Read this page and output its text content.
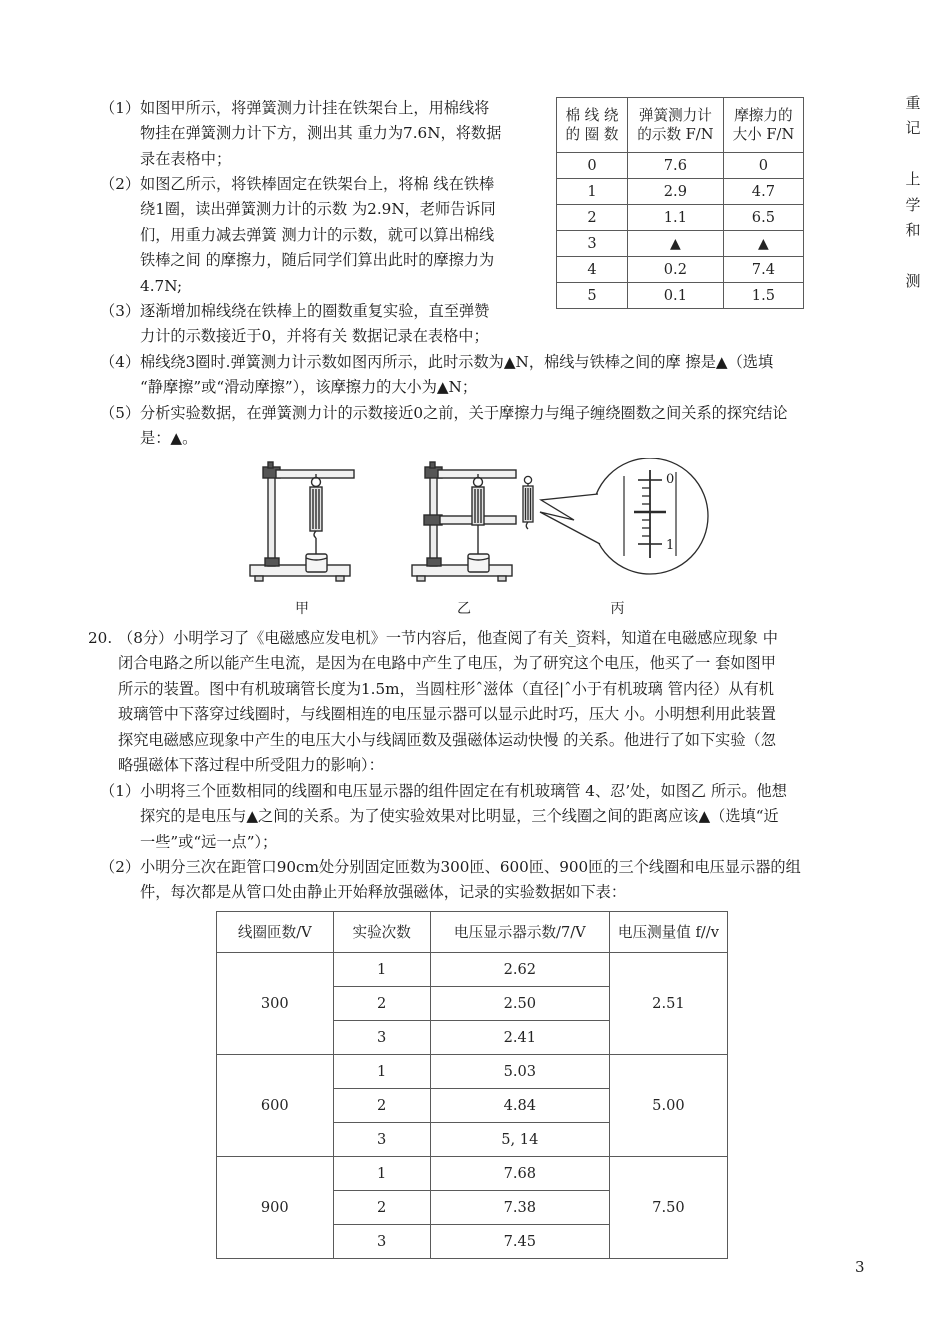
（1） 如图甲所示，将弹簧测力计挂在铁架台上，用棉线将

物挂在弹簧测力计下方，测出其 重力为7.6N，将数据

录在表格中；

（2） 如图乙所示，将铁棒固定在铁架台上，将棉 线在铁棒

绕1圈，读出弹簧测力计的示数 为2.9N，老师告诉同

们，用重力减去弹簧 测力计的示数，就可以算出棉线

铁棒之间 的摩擦力，随后同学们算出此时的摩擦力为

4.7N;

（3） 逐渐增加棉线绕在铁棒上的圈数重复实验，直至弹赞

力计的示数接近于0，并将有关 数据记录在表格中；

（4） 棉线绕3圈时.弹簧测力计示数如图丙所示，此时示数为▲N，棉线与铁棒之间的摩 擦是▲（选填

“静摩擦”或“滑动摩擦”），该摩擦力的大小为▲N；

（5） 分析实验数据，在弹簧测力计的示数接近0之前，关于摩擦力与绳子缠绕圈数之间关系的探究结论

是：▲。

棉 线 绕
的 圈 数	弹簧测力计
的示数 F/N	摩擦力的
大小 F/N
0	7.6	0
1	2.9	4.7
2	1.1	6.5
3	▲	▲
4	0.2	7.4
5	0.1	1.5
重
记
上
学
和
测
甲	乙
0
1
丙
20. （8分）小明学习了《电磁感应发电机》一节内容后，他查阅了有关_资料，知道在电磁感应现象 中

闭合电路之所以能产生电流，是因为在电路中产生了电压，为了研究这个电压，他买了一 套如图甲

所示的装置。图中有机玻璃管长度为1.5m，当圆柱形ˆ滋体（直径|ˆ小于有机玻璃 管内径）从有机

玻璃管中下落穿过线圈时，与线圈相连的电压显示器可以显示此时巧，压大 小。小明想利用此装置

探究电磁感应现象中产生的电压大小与线阔匝数及强磁体运动快慢 的关系。他进行了如下实验（忽

略强磁体下落过程中所受阻力的影响）：

（1） 小明将三个匝数相同的线圈和电压显示器的组件固定在有机玻璃管 4、忍’处，如图乙 所示。他想

探究的是电压与▲之间的关系。为了使实验效果对比明显，三个线圈之间的距离应该▲（选填“近

一些”或“远一点”）；

（2） 小明分三次在距管口90cm处分别固定匝数为300匝、600匝、900匝的三个线圈和电压显示器的组

件，每次都是从管口处由静止开始释放强磁体，记录的实验数据如下表：

线圈匝数/V	实验次数	电压显示器示数/7/V	电压测量值 f//v
300	1	2.62	2.51
	2	2.50	
	3	2.41	
600	1	5.03	5.00
	2	4.84	
	3	5, 14	
900	1	7.68	7.50
	2	7.38	
	3	7.45	
3
